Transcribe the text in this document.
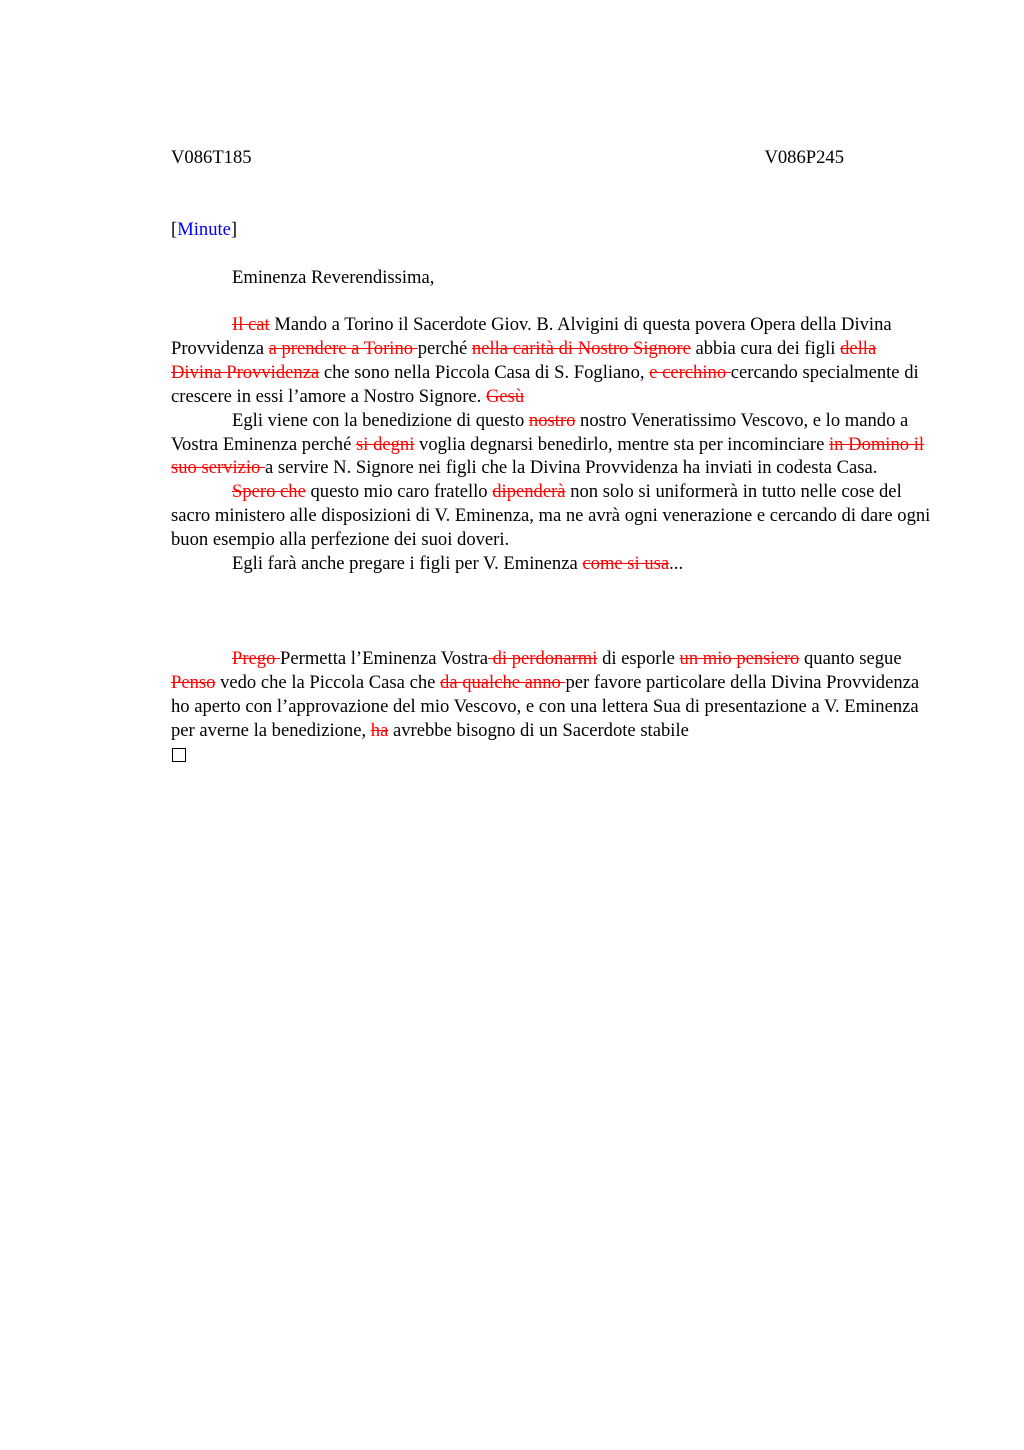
V086T185	V086P245
[Minute]
Eminenza Reverendissima,

Il cat Mando a Torino il Sacerdote Giov. B. Alvigini di questa povera Opera della Divina Provvidenza a prendere a Torino perché nella carità di Nostro Signore abbia cura dei figli della Divina Provvidenza che sono nella Piccola Casa di S. Fogliano, e cerchino cercando specialmente di crescere in essi l’amore a Nostro Signore. Gesù

Egli viene con la benedizione di questo nostro nostro Veneratissimo Vescovo, e lo mando a Vostra Eminenza perché si degni voglia degnarsi benedirlo, mentre sta per incominciare in Domino il suo servizio a servire N. Signore nei figli che la Divina Provvidenza ha inviati in codesta Casa.

Spero che questo mio caro fratello dipenderà non solo si uniformerà in tutto nelle cose del sacro ministero alle disposizioni di V. Eminenza, ma ne avrà ogni venerazione e cercando di dare ogni buon esempio alla perfezione dei suoi doveri.

Egli farà anche pregare i figli per V. Eminenza come si usa...

Prego Permetta l’Eminenza Vostra di perdonarmi di esporle un mio pensiero quanto segue Penso vedo che la Piccola Casa che da qualche anno per favore particolare della Divina Provvidenza ho aperto con l’approvazione del mio Vescovo, e con una lettera Sua di presentazione a V. Eminenza per averne la benedizione, ha avrebbe bisogno di un Sacerdote stabile
